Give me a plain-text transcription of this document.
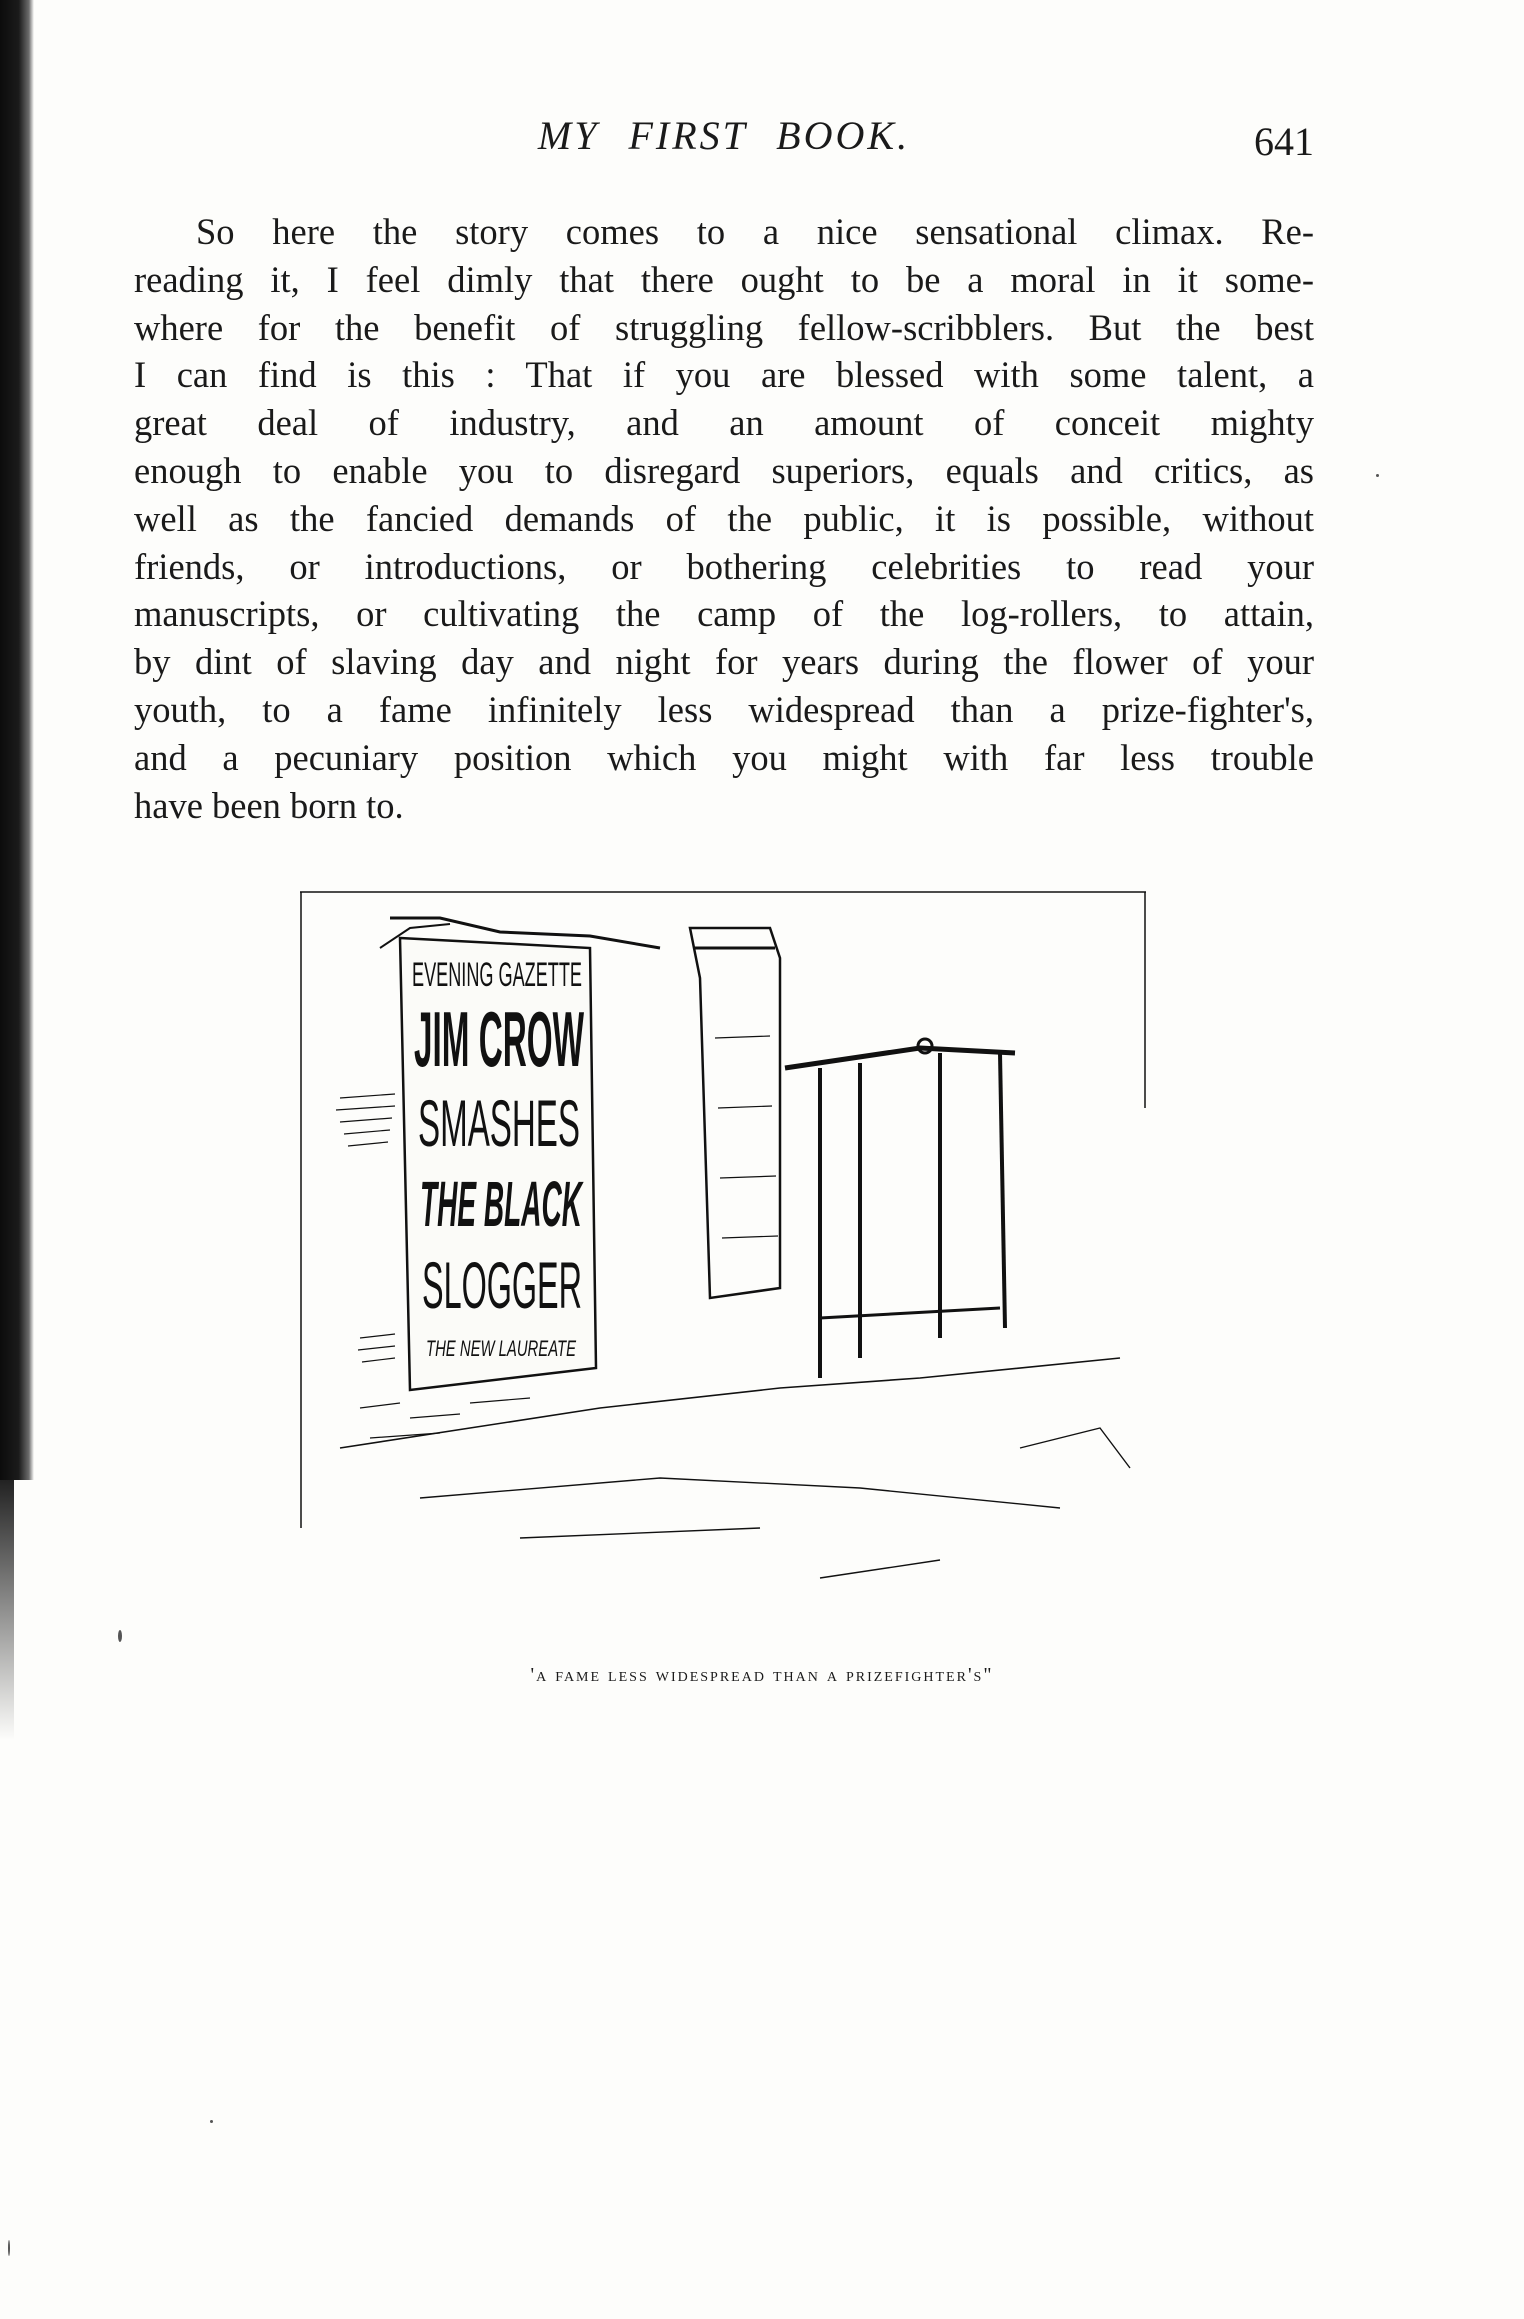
MY FIRST BOOK.	641
So here the story comes to a nice sensational climax. Re-
reading it, I feel dimly that there ought to be a moral in it some-
where for the benefit of struggling fellow-scribblers. But the best
I can find is this : That if you are blessed with some talent, a
great deal of industry, and an amount of conceit mighty
enough to enable you to disregard superiors, equals and critics, as
well as the fancied demands of the public, it is possible, without
friends, or introductions, or bothering celebrities to read your
manuscripts, or cultivating the camp of the log-rollers, to attain,
by dint of slaving day and night for years during the flower of your
youth, to a fame infinitely less widespread than a prize-fighter's,
and a pecuniary position which you might with far less trouble
have been born to.
EVENING GAZETTE
JIM CROW
SMASHES
THE BLACK
SLOGGER
THE NEW LAUREATE
'a fame less widespread than a prizefighter's"
